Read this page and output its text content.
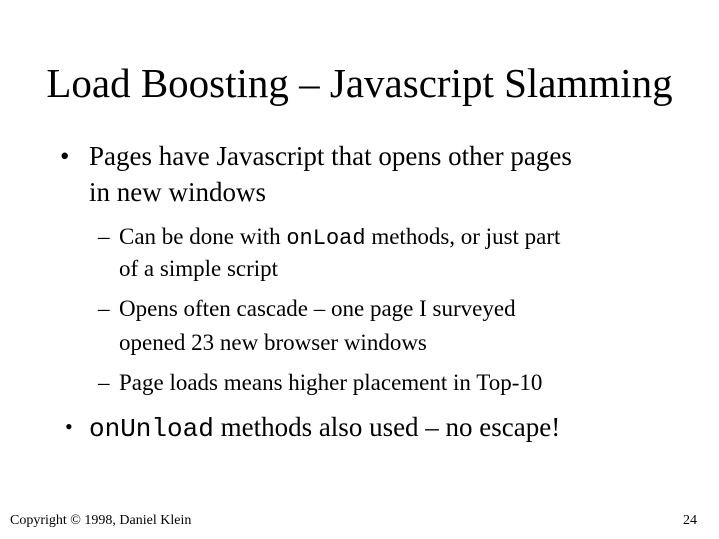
Load Boosting – Javascript Slamming
• Pages have Javascript that opens other pages
in new windows
– Can be done with onLoad methods, or just part
of a simple script
– Opens often cascade – one page I surveyed
opened 23 new browser windows
– Page loads means higher placement in Top-10
• onUnload methods also used – no escape!
Copyright © 1998, Daniel Klein	24
